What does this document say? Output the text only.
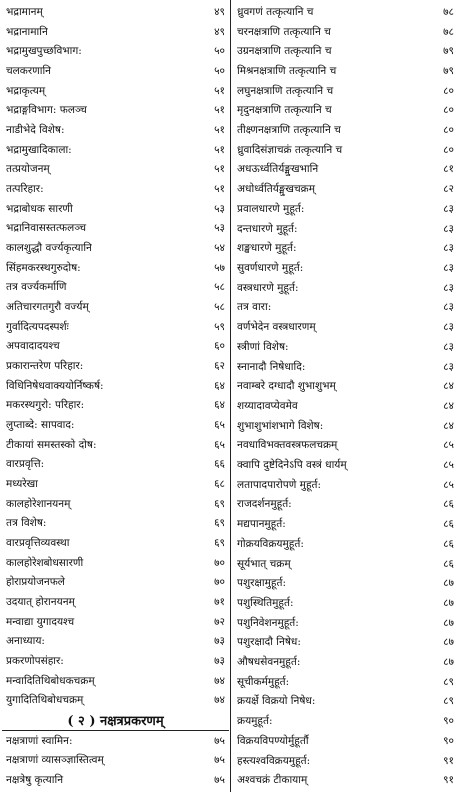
भद्रामानम्	४९
भद्रानामानि	४९
भद्रामुखपुच्छविभाग:	५०
चलकरणानि	५०
भद्राकृत्यम्	५१
भद्राङ्गविभाग: फलञ्च	५१
नाडीभेदे विशेष:	५१
भद्रामुखादिकाला:	५१
तत्प्रयोजनम्	५१
तत्परिहार:	५१
भद्राबोधक सारणी	५३
भद्रानिवासस्तत्फलञ्च	५३
कालशुद्धौ वर्ज्यकृत्यानि	५४
सिंहमकरस्थगुरुदोष:	५७
तत्र वर्ज्यकर्माणि	५८
अतिचारगतगुरौ वर्ज्यम्	५८
गुर्वादित्यपदस्पर्शः	५९
अपवादादयश्च	६०
प्रकारान्तरेण परिहार:	६२
विधिनिषेधवाक्ययोर्निष्कर्ष:	६४
मकरस्थगुरो: परिहार:	६४
लुप्ताब्दे: सापवाद:	६५
टीकायां समस्तस्को दोष:	६५
वारप्रवृत्ति:	६६
मध्यरेखा	६८
कालहोरेशानयनम्	६९
तत्र विशेष:	६९
वारप्रवृत्तिव्यवस्था	६९
कालहोरेशबोधसारणी	७०
होराप्रयोजनफले	७०
उदयात् होरानयनम्	७१
मन्वाद्या युगादयश्च	७२
अनाध्याय:	७३
प्रकरणोपसंहार:	७३
मन्वादितिथिबोधकचक्रम्	७४
युगादितिथिबोधचक्रम्	७४
( २ ) नक्षत्रप्रकरणम्
नक्षत्राणां स्वामिन:	७५
नक्षत्राणां व्यासञ्ज्ञास्तित्वम्	७५
नक्षत्रेषु कृत्यानि	७५
ध्रुवगणं तत्कृत्यानि च	७८
चरनक्षत्राणि तत्कृत्यानि च	७८
उग्रनक्षत्राणि तत्कृत्यानि च	७९
मिश्रनक्षत्राणि तत्कृत्यानि च	७९
लघुनक्षत्राणि तत्कृत्यानि च	८०
मृदुनक्षत्राणि तत्कृत्यानि च	८०
तीक्ष्णनक्षत्राणि तत्कृत्यानि च	८०
ध्रुवादिसंज्ञाचक्रं तत्कृत्यानि च	८०
अधऊर्ध्वतिर्यङ्मुखभानि	८१
अधोर्ध्वतिर्यङ्मुखचक्रम्	८२
प्रवालधारणे मुहूर्त:	८३
दन्तधारणे मुहूर्त:	८३
शङ्खधारणे मुहूर्त:	८३
सुवर्णधारणे मुहूर्त:	८३
वस्त्रधारणे मुहूर्त:	८३
तत्र वारा:	८३
वर्णभेदेन वस्त्रधारणम्	८३
स्त्रीणां विशेष:	८३
स्नानादौ निषेधादि:	८३
नवाम्बरे दग्धादौ शुभाशुभम्	८४
शय्यादावप्येवमेव	८४
शुभाशुभांशभागे विशेष:	८४
नवधाविभक्तवस्त्रफलचक्रम्	८५
क्वापि दुष्टेदिनेऽपि वस्त्रं धार्यम्	८५
लतापादपारोपणे मुहूर्त:	८५
राजदर्शनमुहूर्त:	८६
मद्यपानमुहूर्त:	८६
गोक्रयविक्रयमुहूर्त:	८६
सूर्यभात् चक्रम्	८६
पशुरक्षामुहूर्त:	८७
पशुस्थितिमुहूर्त:	८७
पशुनिवेशनमुहूर्त:	८७
पशुरक्षादौ निषेध:	८७
औषधसेवनमुहूर्त:	८७
सूचीकर्ममुहूर्त:	८९
क्रयर्क्षे विक्रयो निषेध:	८९
क्रयमुहूर्त:	९०
विक्रयविपण्योर्मुहूर्तौ	९०
हस्त्यश्वविक्रयमुहूर्त:	९१
अश्वचक्रं टीकायाम्	९१
